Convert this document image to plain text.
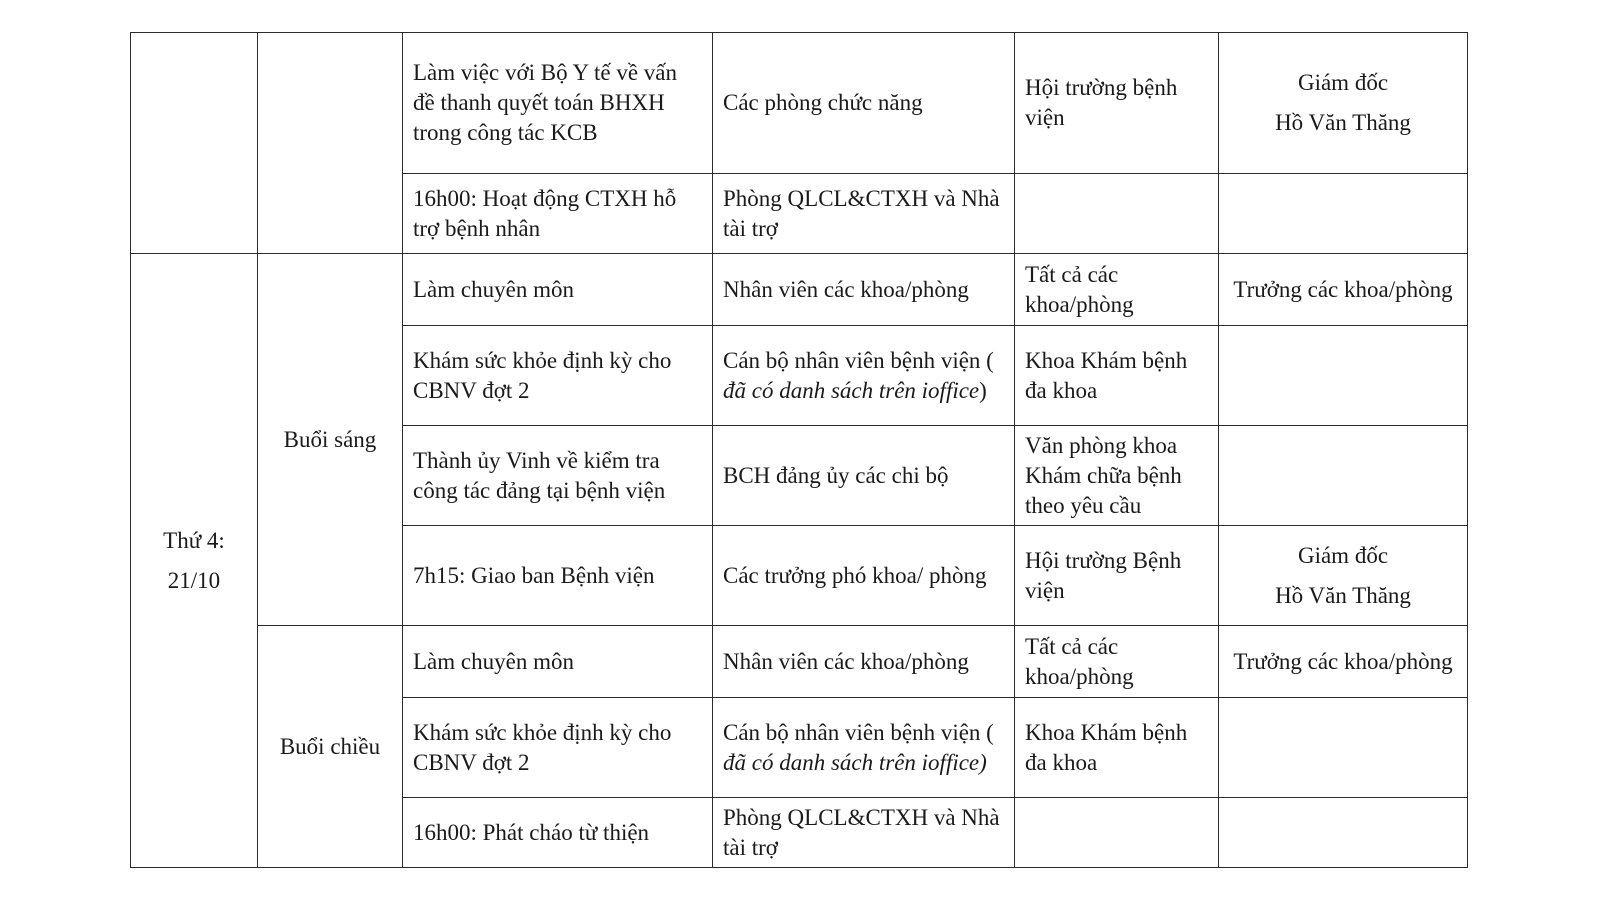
		Làm việc với Bộ Y tế về vấn đề thanh quyết toán BHXH trong công tác KCB	Các phòng chức năng	Hội trường bệnh viện	Giám đốc
Hồ Văn Thăng

		16h00: Hoạt động CTXH hỗ trợ bệnh nhân	Phòng QLCL&CTXH và Nhà tài trợ		

Thứ 4:
21/10	Buổi sáng	Làm chuyên môn	Nhân viên các khoa/phòng	Tất cả các khoa/phòng	Trưởng các khoa/phòng
		Khám sức khỏe định kỳ cho CBNV đợt 2	Cán bộ nhân viên bệnh viện ( đã có danh sách trên ioffice)	Khoa Khám bệnh đa khoa	
		Thành ủy Vinh về kiểm tra công tác đảng tại bệnh viện	BCH đảng ủy các chi bộ	Văn phòng khoa Khám chữa bệnh theo yêu cầu	
		7h15: Giao ban Bệnh viện	Các trưởng phó khoa/ phòng	Hội trường Bệnh viện	Giám đốc
Hồ Văn Thăng

	Buổi chiều	Làm chuyên môn	Nhân viên các khoa/phòng	Tất cả các khoa/phòng	Trưởng các khoa/phòng
		Khám sức khỏe định kỳ cho CBNV đợt 2	Cán bộ nhân viên bệnh viện ( đã có danh sách trên ioffice)	Khoa Khám bệnh đa khoa	
		16h00: Phát cháo từ thiện	Phòng QLCL&CTXH và Nhà tài trợ		
